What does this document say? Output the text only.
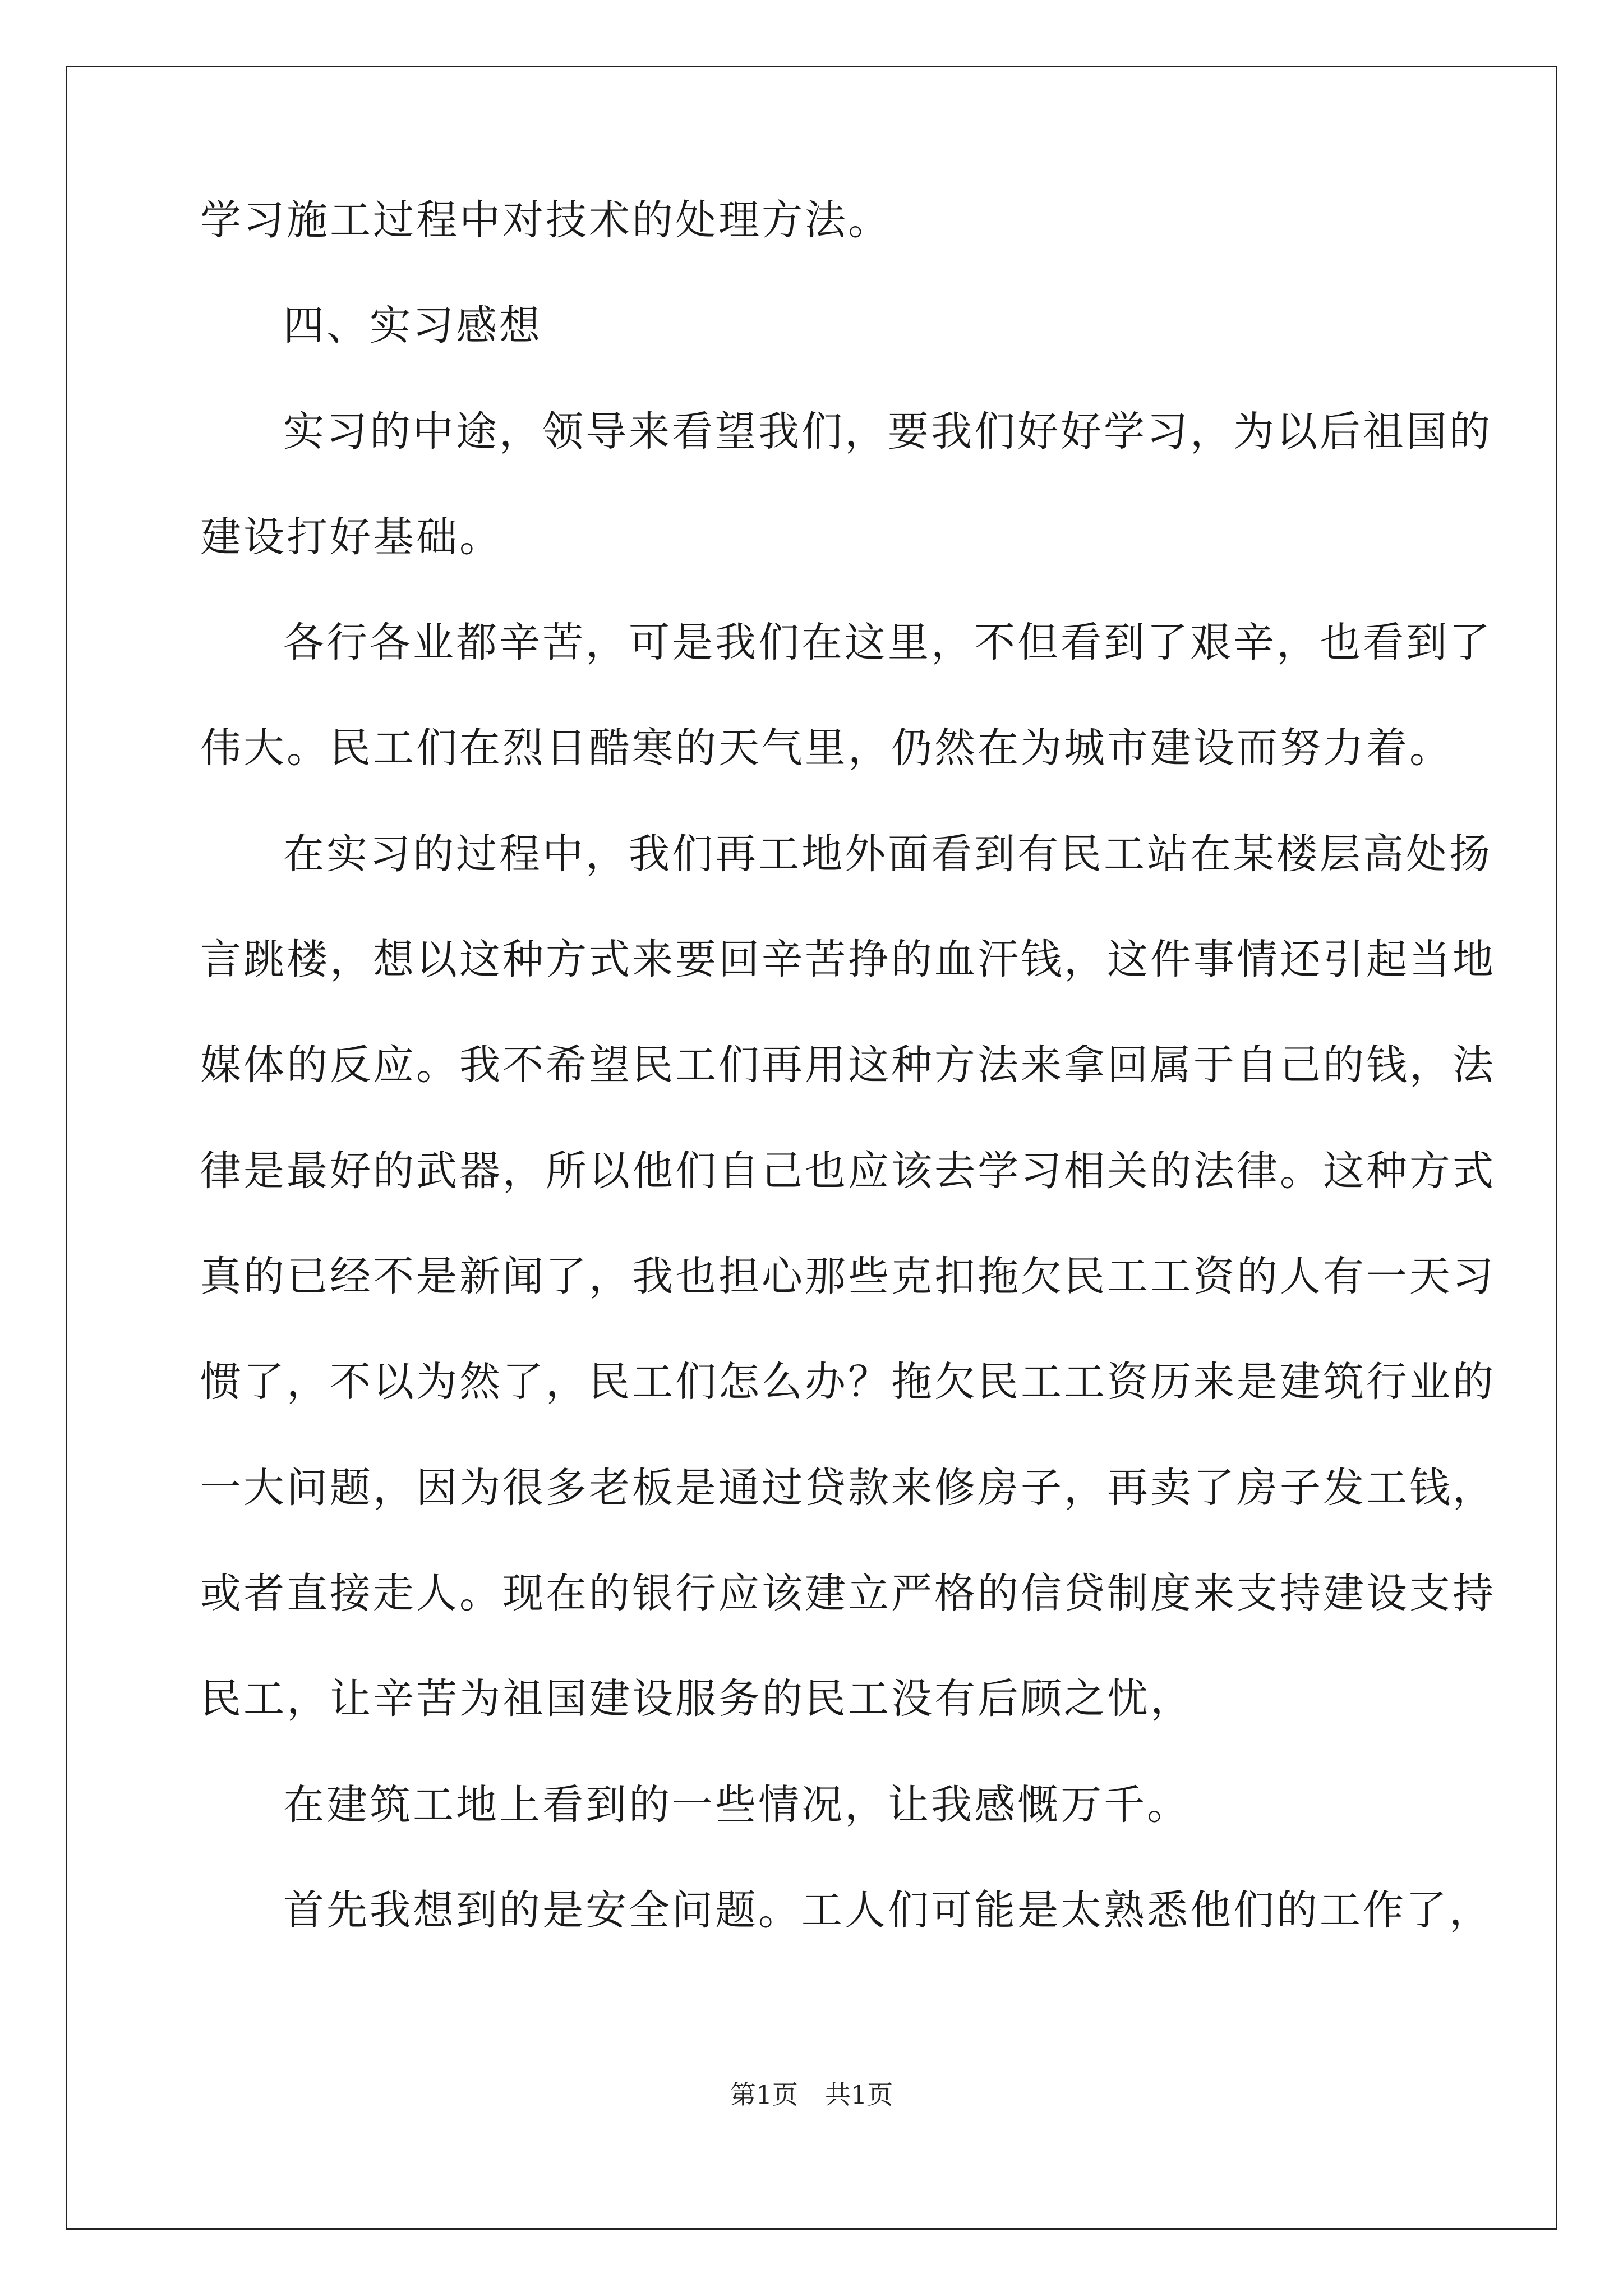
学习施工过程中对技术的处理方法。
四、实习感想
实习的中途，领导来看望我们，要我们好好学习，为以后祖国的
建设打好基础。
各行各业都辛苦，可是我们在这里，不但看到了艰辛，也看到了
伟大。民工们在烈日酷寒的天气里，仍然在为城市建设而努力着。
在实习的过程中，我们再工地外面看到有民工站在某楼层高处扬
言跳楼，想以这种方式来要回辛苦挣的血汗钱，这件事情还引起当地
媒体的反应。我不希望民工们再用这种方法来拿回属于自己的钱，法
律是最好的武器，所以他们自己也应该去学习相关的法律。这种方式
真的已经不是新闻了，我也担心那些克扣拖欠民工工资的人有一天习
惯了，不以为然了，民工们怎么办？拖欠民工工资历来是建筑行业的
一大问题，因为很多老板是通过贷款来修房子，再卖了房子发工钱，
或者直接走人。现在的银行应该建立严格的信贷制度来支持建设支持
民工，让辛苦为祖国建设服务的民工没有后顾之忧，
在建筑工地上看到的一些情况，让我感慨万千。
首先我想到的是安全问题。工人们可能是太熟悉他们的工作了，
第1页 共1页
